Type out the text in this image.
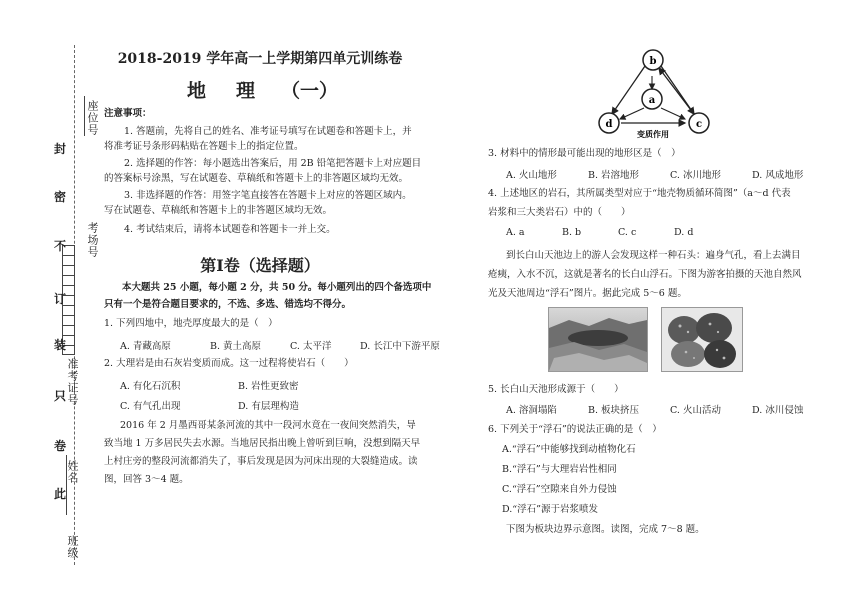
座位号
考场号
准考证号
姓名
班级
封
密
不
订
装
只
卷
此
2018-2019 学年高一上学期第四单元训练卷
地 理 （一）
注意事项：
1. 答题前，先将自己的姓名、准考证号填写在试题卷和答题卡上，并
将准考证号条形码粘贴在答题卡上的指定位置。
2. 选择题的作答：每小题选出答案后，用 2B 铅笔把答题卡上对应题目
的答案标号涂黑，写在试题卷、草稿纸和答题卡上的非答题区域均无效。
3. 非选择题的作答：用签字笔直接答在答题卡上对应的答题区域内。
写在试题卷、草稿纸和答题卡上的非答题区域均无效。
4. 考试结束后，请将本试题卷和答题卡一并上交。
第Ⅰ卷（选择题）
本大题共 25 小题，每小题 2 分，共 50 分。每小题列出的四个备选项中
只有一个是符合题目要求的，不选、多选、错选均不得分。
1. 下列四地中，地壳厚度最大的是（　）
A. 青藏高原	B. 黄土高原	C. 太平洋	D. 长江中下游平原
2. 大理岩是由石灰岩变质而成。这一过程将使岩石（　　）
A. 有化石沉积	B. 岩性更致密
C. 有气孔出现	D. 有层理构造
2016 年 2 月墨西哥某条河流的其中一段河水竟在一夜间突然消失，导
致当地 1 万多居民失去水源。当地居民指出晚上曾听到巨响，没想到隔天早
上村庄旁的整段河流都消失了，事后发现是因为河床出现的大裂缝造成。读
图，回答 3～4 题。
b
a
d	c
变质作用
3. 材料中的情形最可能出现的地形区是（　）
A. 火山地形	B. 岩溶地形	C. 冰川地形	D. 风成地形
4. 上述地区的岩石，其所属类型对应于“地壳物质循环简图”（a～d 代表
岩浆和三大类岩石）中的（　　）
A. a	B. b	C. c	D. d
到长白山天池边上的游人会发现这样一种石头：遍身气孔，看上去满目
疮痍，入水不沉，这就是著名的长白山浮石。下图为游客拍摄的天池自然风
光及天池周边“浮石”图片。据此完成 5～6 题。
5. 长白山天池形成源于（　　）
A. 溶洞塌陷	B. 板块挤压	C. 火山活动	D. 冰川侵蚀
6. 下列关于“浮石”的说法正确的是（　）
A.“浮石”中能够找到动植物化石
B.“浮石”与大理岩岩性相同
C.“浮石”空隙来自外力侵蚀
D.“浮石”源于岩浆喷发
下图为板块边界示意图。读图，完成 7～8 题。
